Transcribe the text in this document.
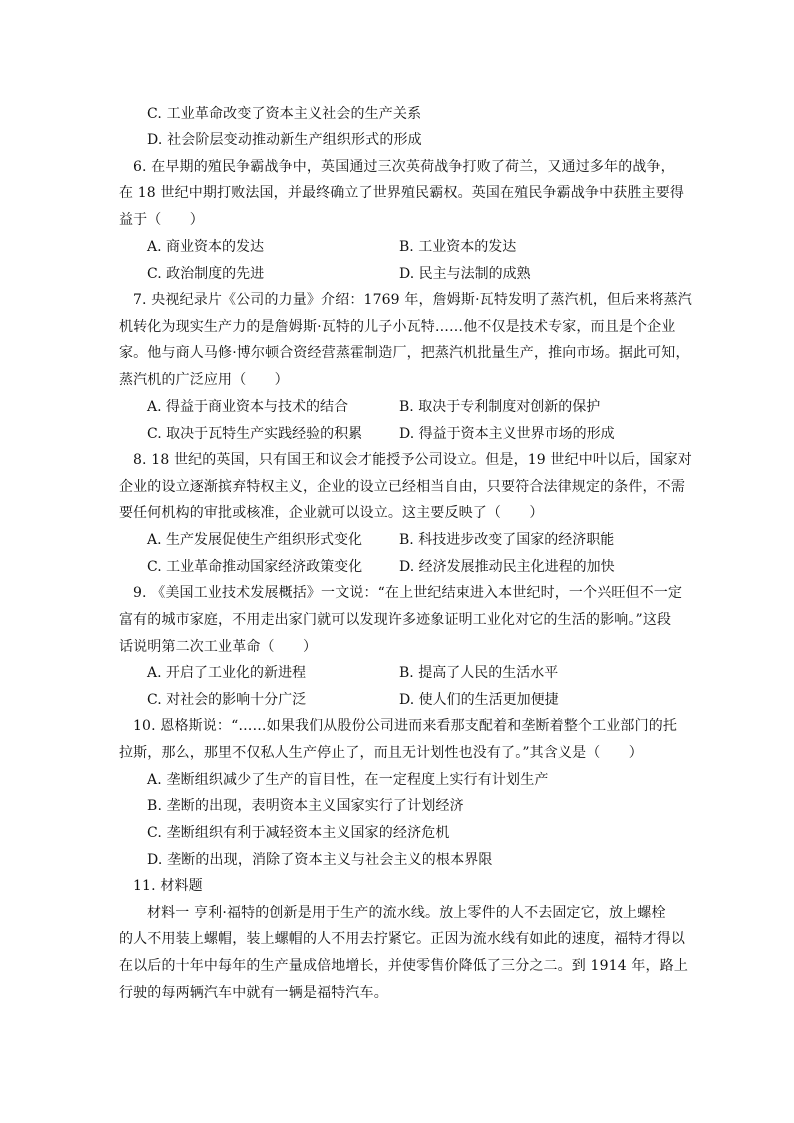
C. 工业革命改变了资本主义社会的生产关系
D. 社会阶层变动推动新生产组织形式的形成
6. 在早期的殖民争霸战争中，英国通过三次英荷战争打败了荷兰，又通过多年的战争，
在 18 世纪中期打败法国，并最终确立了世界殖民霸权。英国在殖民争霸战争中获胜主要得
益于（　　）
A. 商业资本的发达	B. 工业资本的发达
C. 政治制度的先进	D. 民主与法制的成熟
7. 央视纪录片《公司的力量》介绍：1769 年，詹姆斯·瓦特发明了蒸汽机，但后来将蒸汽
机转化为现实生产力的是詹姆斯·瓦特的儿子小瓦特……他不仅是技术专家，而且是个企业
家。他与商人马修·博尔顿合资经营蒸霍制造厂，把蒸汽机批量生产，推向市场。据此可知，
蒸汽机的广泛应用（　　）
A. 得益于商业资本与技术的结合	B. 取决于专利制度对创新的保护
C. 取决于瓦特生产实践经验的积累	D. 得益于资本主义世界市场的形成
8. 18 世纪的英国，只有国王和议会才能授予公司设立。但是，19 世纪中叶以后，国家对
企业的设立逐渐摈弃特权主义，企业的设立已经相当自由，只要符合法律规定的条件，不需
要任何机构的审批或核准，企业就可以设立。这主要反映了（　　）
A. 生产发展促使生产组织形式变化	B. 科技进步改变了国家的经济职能
C. 工业革命推动国家经济政策变化	D. 经济发展推动民主化进程的加快
9. 《美国工业技术发展概括》一文说：“在上世纪结束进入本世纪时，一个兴旺但不一定
富有的城市家庭，不用走出家门就可以发现许多迹象证明工业化对它的生活的影响。”这段
话说明第二次工业革命（　　）
A. 开启了工业化的新进程	B. 提高了人民的生活水平
C. 对社会的影响十分广泛	D. 使人们的生活更加便捷
10. 恩格斯说：“……如果我们从股份公司进而来看那支配着和垄断着整个工业部门的托
拉斯，那么，那里不仅私人生产停止了，而且无计划性也没有了。”其含义是（　　）
A. 垄断组织减少了生产的盲目性，在一定程度上实行有计划生产
B. 垄断的出现，表明资本主义国家实行了计划经济
C. 垄断组织有利于减轻资本主义国家的经济危机
D. 垄断的出现，消除了资本主义与社会主义的根本界限
11. 材料题
材料一 亨利·福特的创新是用于生产的流水线。放上零件的人不去固定它，放上螺栓
的人不用装上螺帽，装上螺帽的人不用去拧紧它。正因为流水线有如此的速度，福特才得以
在以后的十年中每年的生产量成倍地增长，并使零售价降低了三分之二。到 1914 年，路上
行驶的每两辆汽车中就有一辆是福特汽车。
